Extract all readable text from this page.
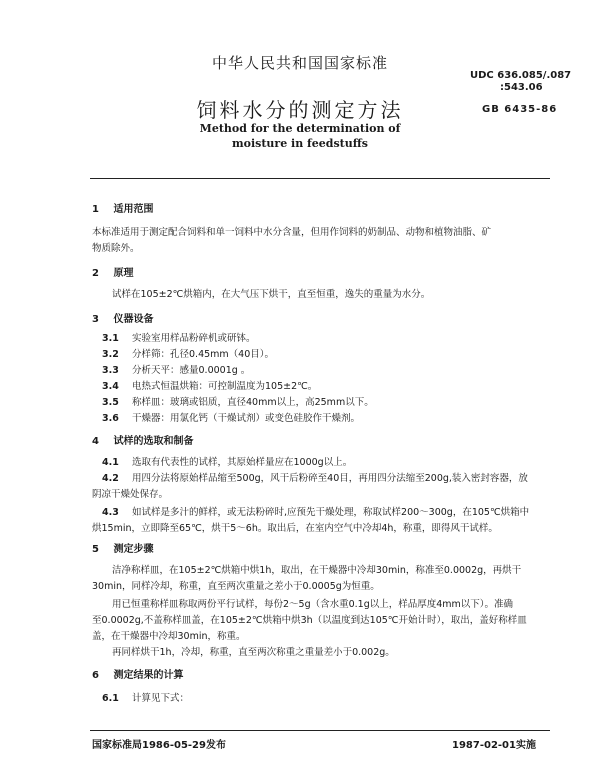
中华人民共和国国家标准
UDC 636.085/.087
:543.06
饲料水分的测定方法	GB 6435-86
Method for the determination of
moisture in feedstuffs
1 适用范围
本标准适用于测定配合饲料和单一饲料中水分含量，但用作饲料的奶制品、动物和植物油脂、矿
物质除外。
2 原理
试样在105±2℃烘箱内，在大气压下烘干，直至恒重，逸失的重量为水分。
3 仪器设备
3.1 实验室用样品粉碎机或研钵。
3.2 分样筛：孔径0.45mm（40目）。
3.3 分析天平：感量0.0001g 。
3.4 电热式恒温烘箱：可控制温度为105±2℃。
3.5 称样皿：玻璃或铝质，直径40mm以上，高25mm以下。
3.6 干燥器：用氯化钙（干燥试剂）或变色硅胶作干燥剂。
4 试样的选取和制备
4.1 选取有代表性的试样，其原始样量应在1000g以上。
4.2 用四分法将原始样品缩至500g，风干后粉碎至40目，再用四分法缩至200g,装入密封容器，放
阴凉干燥处保存。
4.3 如试样是多汁的鲜样，或无法粉碎时,应预先干燥处理，称取试样200～300g，在105℃烘箱中
烘15min，立即降至65℃，烘干5～6h。取出后，在室内空气中冷却4h，称重，即得风干试样。
5 测定步骤
洁净称样皿，在105±2℃烘箱中烘1h，取出，在干燥器中冷却30min，称准至0.0002g，再烘干
30min，同样冷却，称重，直至两次重量之差小于0.0005g为恒重。
用已恒重称样皿称取两份平行试样，每份2～5g（含水重0.1g以上，样品厚度4mm以下）。准确
至0.0002g,不盖称样皿盖，在105±2℃烘箱中烘3h（以温度到达105℃开始计时），取出，盖好称样皿
盖，在干燥器中冷却30min，称重。
再同样烘干1h，冷却，称重，直至两次称重之重量差小于0.002g。
6 测定结果的计算
6.1 计算见下式：
国家标准局1986-05-29发布	1987-02-01实施
